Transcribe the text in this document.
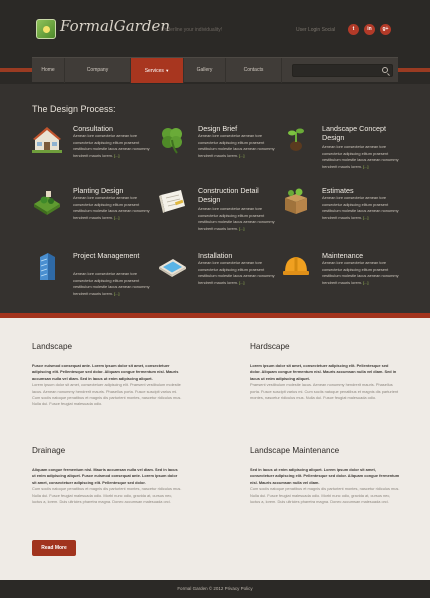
FormalGarden
Underline your individuality!	User Login Social	t	in	g+
Home	Company	Services ▼	Gallery	Contacts
The Design Process:
Consultation
Aenean lore consectetur aenean tore consectetur adipiscing elitum praesent vestibulum molestie lacus aenean nonummy hendrerit mauris lorem. [...]
Design Brief
Aenean lore consectetur aenean tore consectetur adipiscing elitum praesent vestibulum molestie lacus aenean nonummy hendrerit mauris lorem. [...]
Landscape Concept Design
Aenean lore consectetur aenean tore consectetur adipiscing elitum praesent vestibulum molestie lacus aenean nonummy hendrerit mauris lorem. [...]
Planting Design
Aenean lore consectetur aenean tore consectetur adipiscing elitum praesent vestibulum molestie lacus aenean nonummy hendrerit mauris lorem. [...]
Construction Detail Design
Aenean lore consectetur aenean tore consectetur adipiscing elitum praesent vestibulum molestie lacus aenean nonummy hendrerit mauris lorem. [...]
Estimates
Aenean lore consectetur aenean tore consectetur adipiscing elitum praesent vestibulum molestie lacus aenean nonummy hendrerit mauris lorem. [...]
Project Management
Aenean lore consectetur aenean tore consectetur adipiscing elitum praesent vestibulum molestie lacus aenean nonummy hendrerit mauris lorem. [...]
Installation
Aenean lore consectetur aenean tore consectetur adipiscing elitum praesent vestibulum molestie lacus aenean nonummy hendrerit mauris lorem. [...]
Maintenance
Aenean lore consectetur aenean tore consectetur adipiscing elitum praesent vestibulum molestie lacus aenean nonummy hendrerit mauris lorem. [...]
Landscape
Fusce euismod consequat ante. Lorem ipsum dolor sit amet, consectetuer adipiscing elit. Pellentesque sed dolor. Aliquam congue fermentum nisl. Mauris accumsan nulla vel diam. Sed in lacus ut enim adipiscing aliquet.
Lorem ipsum dolor sit amet, consectetuer adipiscing elit. Praesent vestibulum molestie lacus. Aenean nonummy hendrerit mauris. Phasellus porta. Fusce suscipit varius mi. Cum sociis natoque penatibus et magnis dis parturient montes, nascetur ridiculus mus. Nulla dui. Fusce feugiat malesuada odio.
Hardscape
Lorem ipsum dolor sit amet, consectetuer adipiscing elit. Pellentesque sed dolor. Aliquam congue fermentum nisl. Mauris accumsan nulla vel diam. Sed in lacus ut enim adipiscing aliquet.
Praesent vestibulum molestie lacus. Aenean nonummy hendrerit mauris. Phasellus porta. Fusce suscipit varius mi. Cum sociis natoque penatibus et magnis dis parturient montes, nascetur ridiculus mus. Nulla dui. Fusce feugiat malesuada odio.
Drainage
Aliquam congue fermentum nisl. Mauris accumsan nulla vel diam. Sed in lacus ut enim adipiscing aliquet. Fusce euismod consequat ante. Lorem ipsum dolor sit amet, consectetuer adipiscing elit. Pellentesque sed dolor.
Cum sociis natoque penatibus et magnis dis parturient montes, nascetur ridiculus mus. Nulla dui. Fusce feugiat malesuada odio. Morbi nunc odio, gravida at, cursus nec, luctus a, lorem. Duis ultricies pharetra magna. Donec accumsan malesuada orci.
Landscape Maintenance
Sed in lacus ut enim adipiscing aliquet. Lorem ipsum dolor sit amet, consectetuer adipiscing elit. Pellentesque sed dolor. Aliquam congue fermentum nisl. Mauris accumsan nulla vel diam.
Cum sociis natoque penatibus et magnis dis parturient montes, nascetur ridiculus mus. Nulla dui. Fusce feugiat malesuada odio. Morbi nunc odio, gravida at, cursus nec, luctus a, lorem. Duis ultricies pharetra magna. Donec accumsan malesuada orci.
Read More
Formal Garden © 2012 Privacy Policy
